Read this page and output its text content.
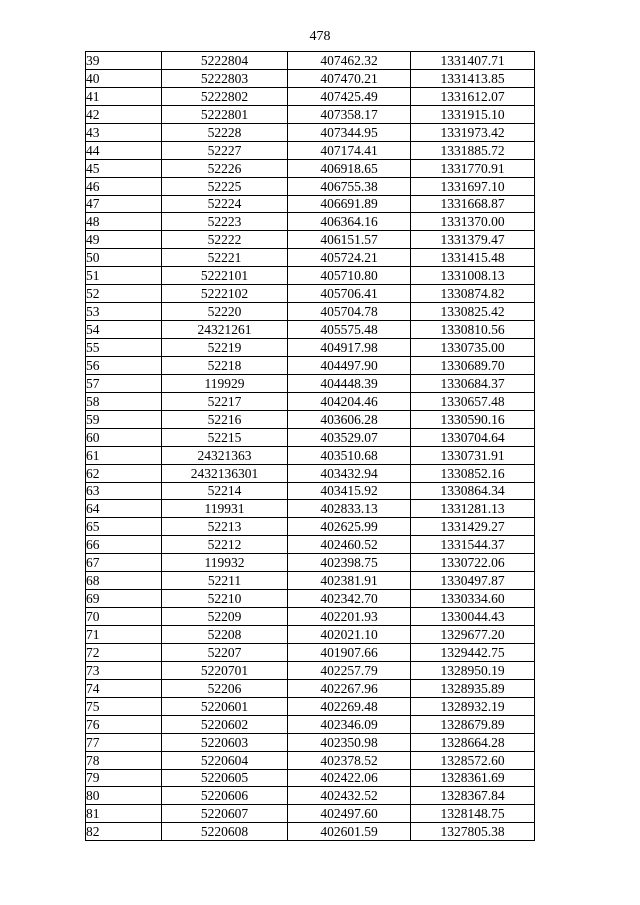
478
39	5222804	407462.32	1331407.71
40	5222803	407470.21	1331413.85
41	5222802	407425.49	1331612.07
42	5222801	407358.17	1331915.10
43	52228	407344.95	1331973.42
44	52227	407174.41	1331885.72
45	52226	406918.65	1331770.91
46	52225	406755.38	1331697.10
47	52224	406691.89	1331668.87
48	52223	406364.16	1331370.00
49	52222	406151.57	1331379.47
50	52221	405724.21	1331415.48
51	5222101	405710.80	1331008.13
52	5222102	405706.41	1330874.82
53	52220	405704.78	1330825.42
54	24321261	405575.48	1330810.56
55	52219	404917.98	1330735.00
56	52218	404497.90	1330689.70
57	119929	404448.39	1330684.37
58	52217	404204.46	1330657.48
59	52216	403606.28	1330590.16
60	52215	403529.07	1330704.64
61	24321363	403510.68	1330731.91
62	2432136301	403432.94	1330852.16
63	52214	403415.92	1330864.34
64	119931	402833.13	1331281.13
65	52213	402625.99	1331429.27
66	52212	402460.52	1331544.37
67	119932	402398.75	1330722.06
68	52211	402381.91	1330497.87
69	52210	402342.70	1330334.60
70	52209	402201.93	1330044.43
71	52208	402021.10	1329677.20
72	52207	401907.66	1329442.75
73	5220701	402257.79	1328950.19
74	52206	402267.96	1328935.89
75	5220601	402269.48	1328932.19
76	5220602	402346.09	1328679.89
77	5220603	402350.98	1328664.28
78	5220604	402378.52	1328572.60
79	5220605	402422.06	1328361.69
80	5220606	402432.52	1328367.84
81	5220607	402497.60	1328148.75
82	5220608	402601.59	1327805.38
